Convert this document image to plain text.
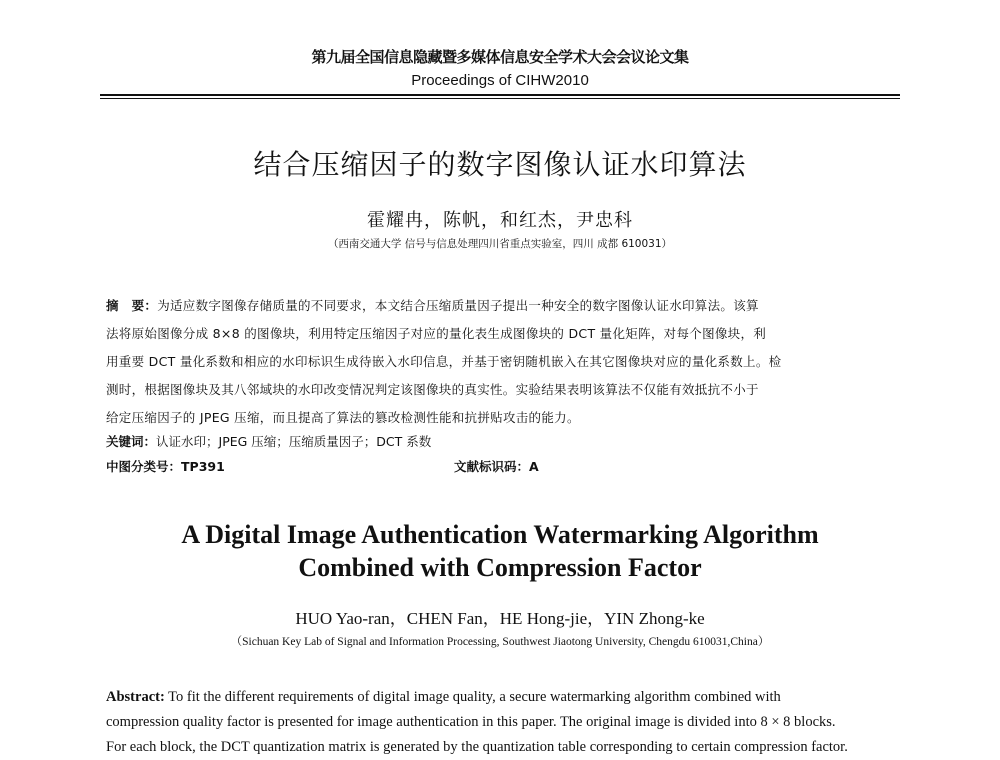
第九届全国信息隐藏暨多媒体信息安全学术大会会议论文集
Proceedings of CIHW2010
结合压缩因子的数字图像认证水印算法
霍耀冉，陈帆，和红杰，尹忠科
（西南交通大学 信号与信息处理四川省重点实验室，四川 成都 610031）
摘　要：为适应数字图像存储质量的不同要求，本文结合压缩质量因子提出一种安全的数字图像认证水印算法。该算
法将原始图像分成 8×8 的图像块，利用特定压缩因子对应的量化表生成图像块的 DCT 量化矩阵，对每个图像块，利
用重要 DCT 量化系数和相应的水印标识生成待嵌入水印信息，并基于密钥随机嵌入在其它图像块对应的量化系数上。检
测时，根据图像块及其八邻域块的水印改变情况判定该图像块的真实性。实验结果表明该算法不仅能有效抵抗不小于
给定压缩因子的 JPEG 压缩，而且提高了算法的篡改检测性能和抗拼贴攻击的能力。
关键词：认证水印；JPEG 压缩；压缩质量因子；DCT 系数
中图分类号：TP391	文献标识码：A
A Digital Image Authentication Watermarking Algorithm
Combined with Compression Factor
HUO Yao-ran，CHEN Fan，HE Hong-jie，YIN Zhong-ke
（Sichuan Key Lab of Signal and Information Processing, Southwest Jiaotong University, Chengdu 610031,China）
Abstract: To fit the different requirements of digital image quality, a secure watermarking algorithm combined with
compression quality factor is presented for image authentication in this paper. The original image is divided into 8 × 8 blocks.
For each block, the DCT quantization matrix is generated by the quantization table corresponding to certain compression factor.
